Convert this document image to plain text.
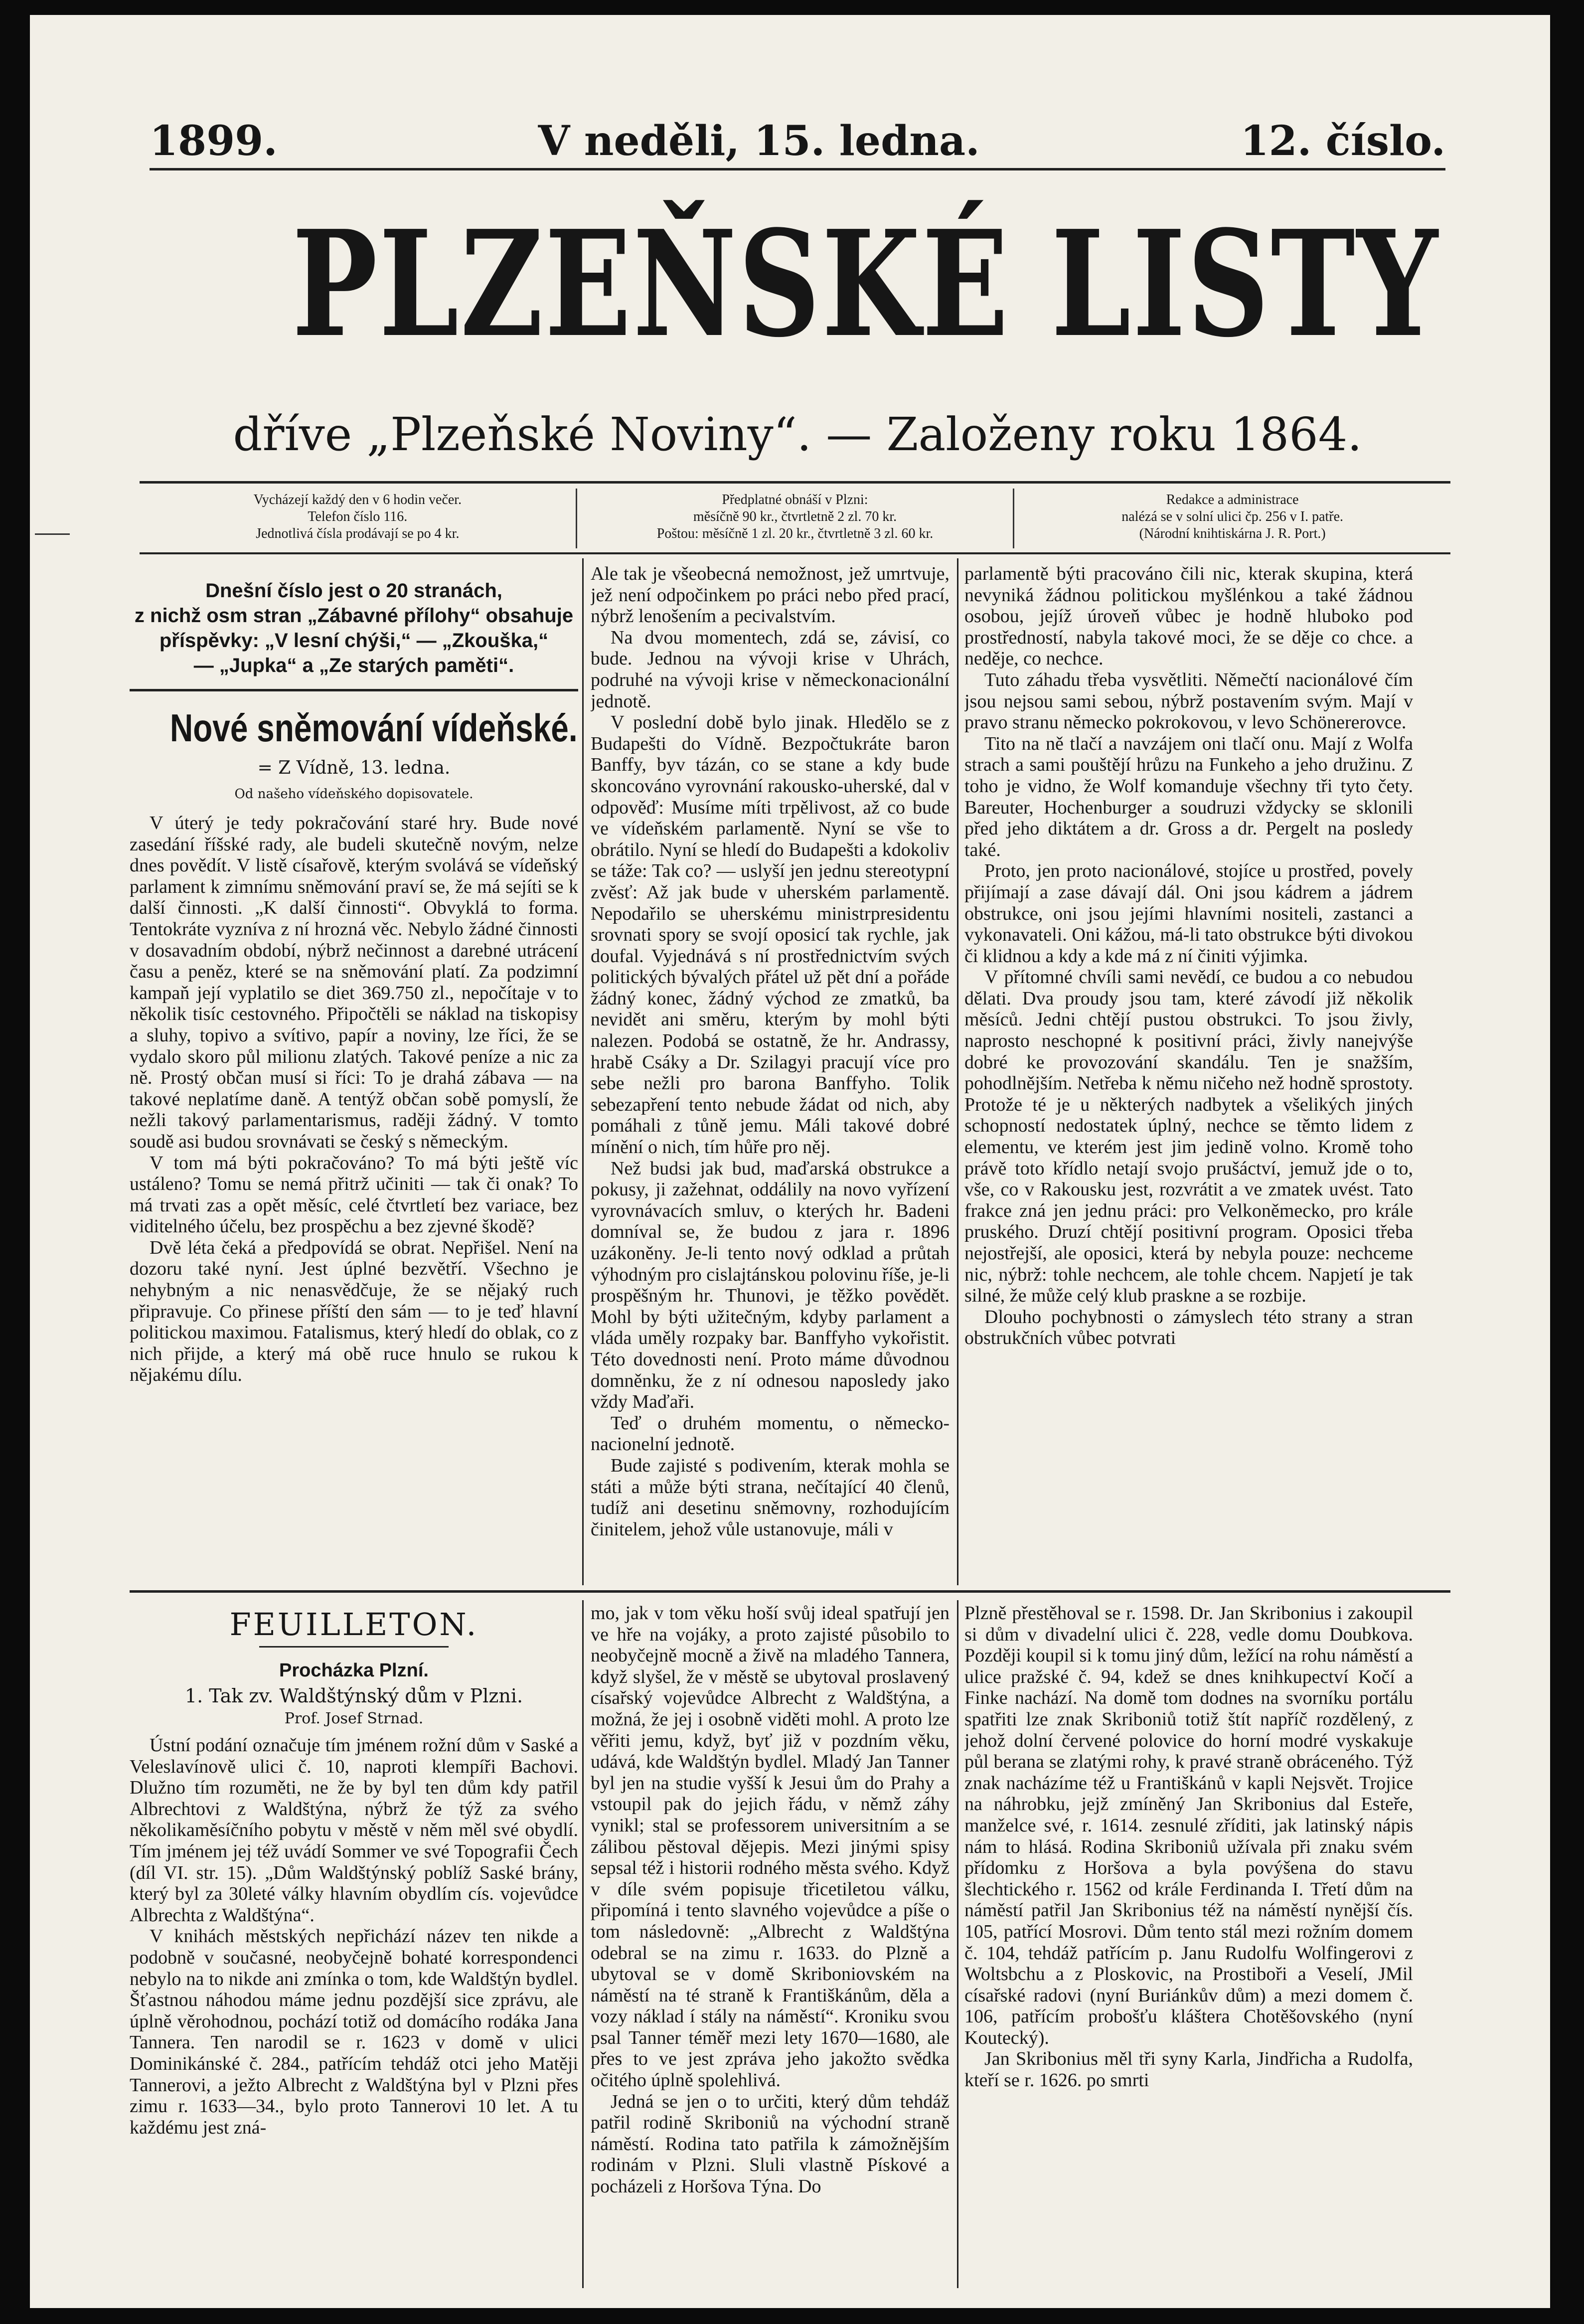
1899.	V neděli, 15. ledna.	12. číslo.
PLZEŇSKÉ LISTY
dříve „Plzeňské Noviny“. — Založeny roku 1864.
Vycházejí každý den v 6 hodin večer.
Telefon číslo 116.
Jednotlivá čísla prodávají se po 4 kr.
Předplatné obnáší v Plzni:
měsíčně 90 kr., čtvrtletně 2 zl. 70 kr.
Poštou: měsíčně 1 zl. 20 kr., čtvrtletně 3 zl. 60 kr.
Redakce a administrace
nalézá se v solní ulici čp. 256 v I. patře.
(Národní knihtiskárna J. R. Port.)
Dnešní číslo jest o 20 stranách,
z nichž osm stran „Zábavné přílohy“ obsahuje
příspěvky: „V lesní chýši,“ — „Zkouška,“
— „Jupka“ a „Ze starých paměti“.
Nové sněmování vídeňské.
= Z Vídně, 13. ledna.
Od našeho vídeňského dopisovatele.

V úterý je tedy pokračování staré hry. Bude nové zasedání říšské rady, ale budeli skutečně novým, nelze dnes povědít. V listě císařově, kterým svolává se vídeňský parlament k zimnímu sněmování praví se, že má sejíti se k další činnosti. „K další činnosti“. Obvyklá to forma. Tentokráte vyzníva z ní hrozná věc. Nebylo žádné činnosti v dosavadním období, nýbrž nečinnost a darebné utrácení času a peněz, které se na sněmování platí. Za podzimní kampaň její vyplatilo se diet 369.750 zl., nepočítaje v to několik tisíc cestovného. Připočtěli se náklad na tiskopisy a sluhy, topivo a svítivo, papír a noviny, lze říci, že se vydalo skoro půl milionu zlatých. Takové peníze a nic za ně. Prostý občan musí si říci: To je drahá zábava — na takové neplatíme daně. A tentýž občan sobě pomyslí, že nežli takový parlamentarismus, raději žádný. V tomto soudě asi budou srovnávati se český s německým.

V tom má býti pokračováno? To má býti ještě víc ustáleno? Tomu se nemá přitrž učiniti — tak či onak? To má trvati zas a opět měsíc, celé čtvrtletí bez variace, bez viditelného účelu, bez prospěchu a bez zjevné škodě?

Dvě léta čeká a předpovídá se obrat. Nepřišel. Není na dozoru také nyní. Jest úplné bezvětří. Všechno je nehybným a nic nenasvědčuje, že se nějaký ruch připravuje. Co přinese příští den sám — to je teď hlavní politickou maximou. Fatalismus, který hledí do oblak, co z nich přijde, a který má obě ruce hnulo se rukou k nějakému dílu.

Ale tak je všeobecná nemožnost, jež umrtvuje, jež není odpočinkem po práci nebo před prací, nýbrž lenošením a pecivalstvím.

Na dvou momentech, zdá se, závisí, co bude. Jednou na vývoji krise v Uhrách, podruhé na vývoji krise v německonacionální jednotě.

V poslední době bylo jinak. Hledělo se z Budapešti do Vídně. Bezpočtukráte baron Banffy, byv tázán, co se stane a kdy bude skoncováno vyrovnání rakousko-uherské, dal v odpověď: Musíme míti trpělivost, až co bude ve vídeňském parlamentě. Nyní se vše to obrátilo. Nyní se hledí do Budapešti a kdokoliv se táže: Tak co? — uslyší jen jednu stereotypní zvěsť: Až jak bude v uherském parlamentě. Nepodařilo se uherskému ministrpresidentu srovnati spory se svojí oposicí tak rychle, jak doufal. Vyjednává s ní prostřednictvím svých politických bývalých přátel už pět dní a pořáde žádný konec, žádný východ ze zmatků, ba nevidět ani směru, kterým by mohl býti nalezen. Podobá se ostatně, že hr. Andrassy, hrabě Csáky a Dr. Szilagyi pracují více pro sebe nežli pro barona Banffyho. Tolik sebezapření tento nebude žádat od nich, aby pomáhali z tůně jemu. Máli takové dobré mínění o nich, tím hůře pro něj.

Než budsi jak bud, maďarská obstrukce a pokusy, ji zažehnat, oddálily na novo vyřízení vyrovnávacích smluv, o kterých hr. Badeni domníval se, že budou z jara r. 1896 uzákoněny. Je-li tento nový odklad a průtah výhodným pro cislajtánskou polovinu říše, je-li prospěšným hr. Thunovi, je těžko povědět. Mohl by býti užitečným, kdyby parlament a vláda uměly rozpaky bar. Banffyho vykořistit. Této dovednosti není. Proto máme důvodnou domněnku, že z ní odnesou naposledy jako vždy Maďaři.

Teď o druhém momentu, o německo-nacionelní jednotě.

Bude zajisté s podivením, kterak mohla se státi a může býti strana, nečítající 40 členů, tudíž ani desetinu sněmovny, rozhodujícím činitelem, jehož vůle ustanovuje, máli v

parlamentě býti pracováno čili nic, kterak skupina, která nevyniká žádnou politickou myšlénkou a také žádnou osobou, jejíž úroveň vůbec je hodně hluboko pod prostředností, nabyla takové moci, že se děje co chce. a neděje, co nechce.

Tuto záhadu třeba vysvětliti. Němečtí nacionálové čím jsou nejsou sami sebou, nýbrž postavením svým. Mají v pravo stranu německo pokrokovou, v levo Schönererovce.

Tito na ně tlačí a navzájem oni tlačí onu. Mají z Wolfa strach a sami pouštějí hrůzu na Funkeho a jeho družinu. Z toho je vidno, že Wolf komanduje všechny tři tyto čety. Bareuter, Hochenburger a soudruzi vždycky se sklonili před jeho diktátem a dr. Gross a dr. Pergelt na posledy také.

Proto, jen proto nacionálové, stojíce u prostřed, povely přijímají a zase dávají dál. Oni jsou kádrem a jádrem obstrukce, oni jsou jejími hlavními nositeli, zastanci a vykonavateli. Oni kážou, má-li tato obstrukce býti divokou či klidnou a kdy a kde má z ní činiti výjimka.

V přítomné chvíli sami nevědí, ce budou a co nebudou dělati. Dva proudy jsou tam, které závodí již několik měsíců. Jedni chtějí pustou obstrukci. To jsou živly, naprosto neschopné k positivní práci, živly nanejvýše dobré ke provozování skandálu. Ten je snažším, pohodlnějším. Netřeba k němu ničeho než hodně sprostoty. Protože té je u některých nadbytek a všelikých jiných schopností nedostatek úplný, nechce se těmto lidem z elementu, ve kterém jest jim jedině volno. Kromě toho právě toto křídlo netají svojo prušáctví, jemuž jde o to, vše, co v Rakousku jest, rozvrátit a ve zmatek uvést. Tato frakce zná jen jednu práci: pro Velkoněmecko, pro krále pruského. Druzí chtějí positivní program. Oposici třeba nejostřejší, ale oposici, která by nebyla pouze: nechceme nic, nýbrž: tohle nechcem, ale tohle chcem. Napjetí je tak silné, že může celý klub praskne a se rozbije.

Dlouho pochybnosti o zámyslech této strany a stran obstrukčních vůbec potvrati

FEUILLETON.
Procházka Plzní.
1. Tak zv. Waldštýnský dům v Plzni.
Prof. Josef Strnad.

Ústní podání označuje tím jménem rožní dům v Saské a Veleslavínově ulici č. 10, naproti klempíři Bachovi. Dlužno tím rozuměti, ne že by byl ten dům kdy patřil Albrechtovi z Waldštýna, nýbrž že týž za svého několikaměsíčního pobytu v městě v něm měl své obydlí. Tím jménem jej též uvádí Sommer ve své Topografii Čech (díl VI. str. 15). „Dům Waldštýnský poblíž Saské brány, který byl za 30leté války hlavním obydlím cís. vojevůdce Albrechta z Waldštýna“.

V knihách městských nepřichází název ten nikde a podobně v současné, neobyčejně bohaté korrespondenci nebylo na to nikde ani zmínka o tom, kde Waldštýn bydlel. Šťastnou náhodou máme jednu pozdější sice zprávu, ale úplně věrohodnou, pochází totiž od domácího rodáka Jana Tannera. Ten narodil se r. 1623 v domě v ulici Dominikánské č. 284., patřícím tehdáž otci jeho Matěji Tannerovi, a ježto Albrecht z Waldštýna byl v Plzni přes zimu r. 1633—34., bylo proto Tannerovi 10 let. A tu každému jest zná-

mo, jak v tom věku hoší svůj ideal spatřují jen ve hře na vojáky, a proto zajisté působilo to neobyčejně mocně a živě na mladého Tannera, když slyšel, že v městě se ubytoval proslavený císařský vojevůdce Albrecht z Waldštýna, a možná, že jej i osobně viděti mohl. A proto lze věřiti jemu, když, byť již v pozdním věku, udává, kde Waldštýn bydlel. Mladý Jan Tanner byl jen na studie vyšší k Jesui ům do Prahy a vstoupil pak do jejich řádu, v němž záhy vynikl; stal se professorem universitním a se zálibou pěstoval dějepis. Mezi jinými spisy sepsal též i historii rodného města svého. Když v díle svém popisuje třicetiletou válku, připomíná i tento slavného vojevůdce a píše o tom následovně: „Albrecht z Waldštýna odebral se na zimu r. 1633. do Plzně a ubytoval se v domě Skriboniovském na náměstí na té straně k Františkánům, děla a vozy náklad í stály na náměstí“. Kroniku svou psal Tanner téměř mezi lety 1670—1680, ale přes to ve jest zpráva jeho jakožto svědka očitého úplně spolehlivá.

Jedná se jen o to určiti, který dům tehdáž patřil rodině Skriboniů na východní straně náměstí. Rodina tato patřila k zámožnějším rodinám v Plzni. Sluli vlastně Pískové a pocházeli z Horšova Týna. Do

Plzně přestěhoval se r. 1598. Dr. Jan Skribonius i zakoupil si dům v divadelní ulici č. 228, vedle domu Doubkova. Později koupil si k tomu jiný dům, ležící na rohu náměstí a ulice pražské č. 94, kdež se dnes knihkupectví Kočí a Finke nachází. Na domě tom dodnes na svorníku portálu spatřiti lze znak Skriboniů totiž štít napříč rozdělený, z jehož dolní červené polovice do horní modré vyskakuje půl berana se zlatými rohy, k pravé straně obráceného. Týž znak nacházíme též u Františkánů v kapli Nejsvět. Trojice na náhrobku, jejž zmíněný Jan Skribonius dal Esteře, manželce své, r. 1614. zesnulé zříditi, jak latinský nápis nám to hlásá. Rodina Skriboniů užívala při znaku svém přídomku z Horšova a byla povýšena do stavu šlechtického r. 1562 od krále Ferdinanda I. Třetí dům na náměstí patřil Jan Skribonius též na náměstí nynější čís. 105, patřící Mosrovi. Dům tento stál mezi rožním domem č. 104, tehdáž patřícím p. Janu Rudolfu Wolfingerovi z Woltsbchu a z Ploskovic, na Prostiboři a Veselí, JMil císařské radovi (nyní Buriánkův dům) a mezi domem č. 106, patřícím probošťu kláštera Chotěšovského (nyní Koutecký).

Jan Skribonius měl tři syny Karla, Jindřicha a Rudolfa, kteří se r. 1626. po smrti
